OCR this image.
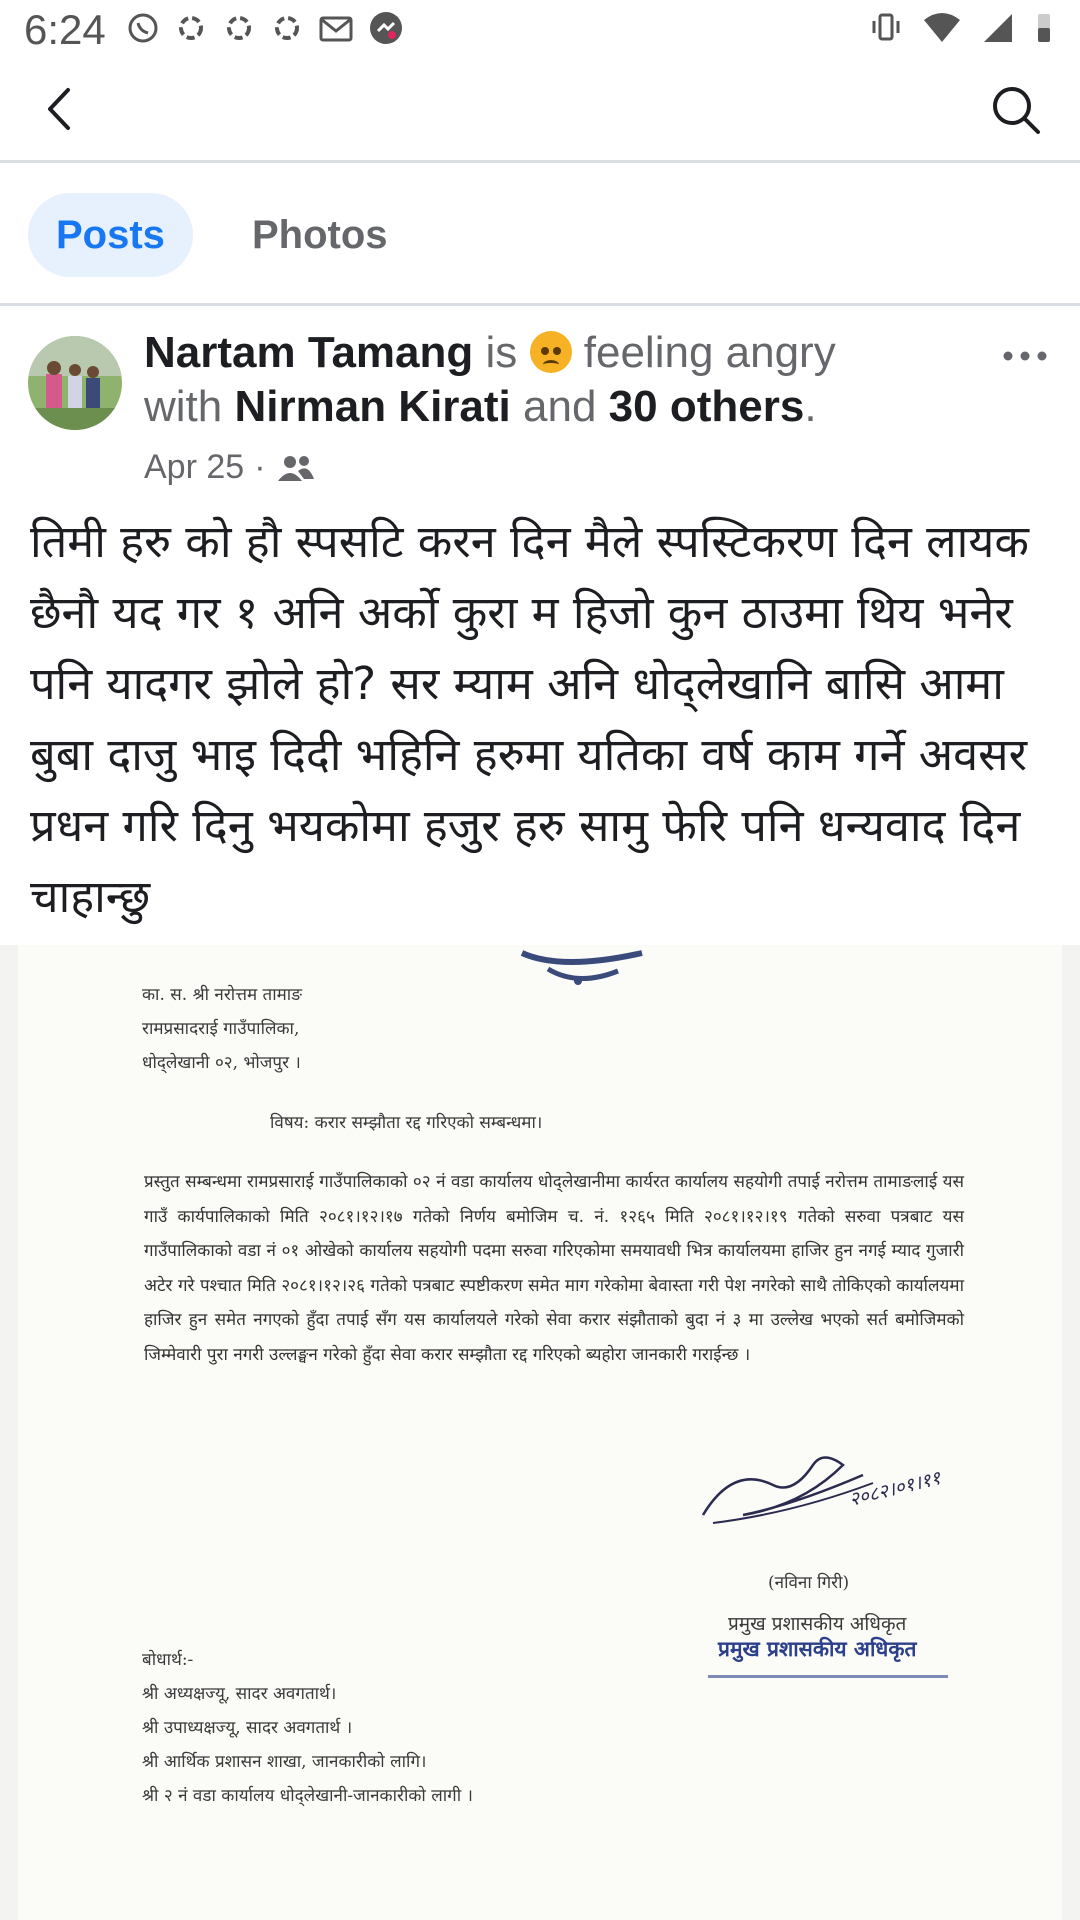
6:24
Posts	Photos
Nartam Tamang is feeling angry
with Nirman Kirati and 30 others.
Apr 25 ·
तिमी हरु को हौ स्पसटि करन दिन मैले स्पस्टिकरण दिन लायक छैनौ यद गर १ अनि अर्को कुरा म हिजो कुन ठाउमा थिय भनेर पनि यादगर झोले हो? सर म्याम अनि धोद्लेखानि बासि आमा बुबा दाजु भाइ दिदी भहिनि हरुमा यतिका वर्ष काम गर्ने अवसर प्रधन गरि दिनु भयकोमा हजुर हरु सामु फेरि पनि धन्यवाद दिन चाहान्छु
का. स. श्री नरोत्तम तामाङ
रामप्रसादराई गाउँपालिका,
धोद्लेखानी ०२, भोजपुर ।
विषय: करार सम्झौता रद्द गरिएको सम्बन्धमा।
प्रस्तुत सम्बन्धमा रामप्रसाराई गाउँपालिकाको ०२ नं वडा कार्यालय धोद्लेखानीमा कार्यरत कार्यालय सहयोगी तपाई नरोत्तम तामाङलाई यस गाउँ कार्यपालिकाको मिति २०८१।१२।१७ गतेको निर्णय बमोजिम च. नं. १२६५ मिति २०८१।१२।१९ गतेको सरुवा पत्रबाट यस गाउँपालिकाको वडा नं ०१ ओखेको कार्यालय सहयोगी पदमा सरुवा गरिएकोमा समयावधी भित्र कार्यालयमा हाजिर हुन नगई म्याद गुजारी अटेर गरे पश्चात मिति २०८१।१२।२६ गतेको पत्रबाट स्पष्टीकरण समेत माग गरेकोमा बेवास्ता गरी पेश नगरेको साथै तोकिएको कार्यालयमा हाजिर हुन समेत नगएको हुँदा तपाई सँग यस कार्यालयले गरेको सेवा करार संझौताको बुदा नं ३ मा उल्लेख भएको सर्त बमोजिमको जिम्मेवारी पुरा नगरी उल्लङ्घन गरेको हुँदा सेवा करार सम्झौता रद्द गरिएको ब्यहोरा जानकारी गराईन्छ ।
२०८२।०१।११
(नविना गिरी)
प्रमुख प्रशासकीय अधिकृत
प्रमुख प्रशासकीय अधिकृत
बोधार्थ:-
श्री अध्यक्षज्यू, सादर अवगतार्थ।
श्री उपाध्यक्षज्यू, सादर अवगतार्थ ।
श्री आर्थिक प्रशासन शाखा, जानकारीको लागि।
श्री २ नं वडा कार्यालय धोद्लेखानी-जानकारीको लागी ।
